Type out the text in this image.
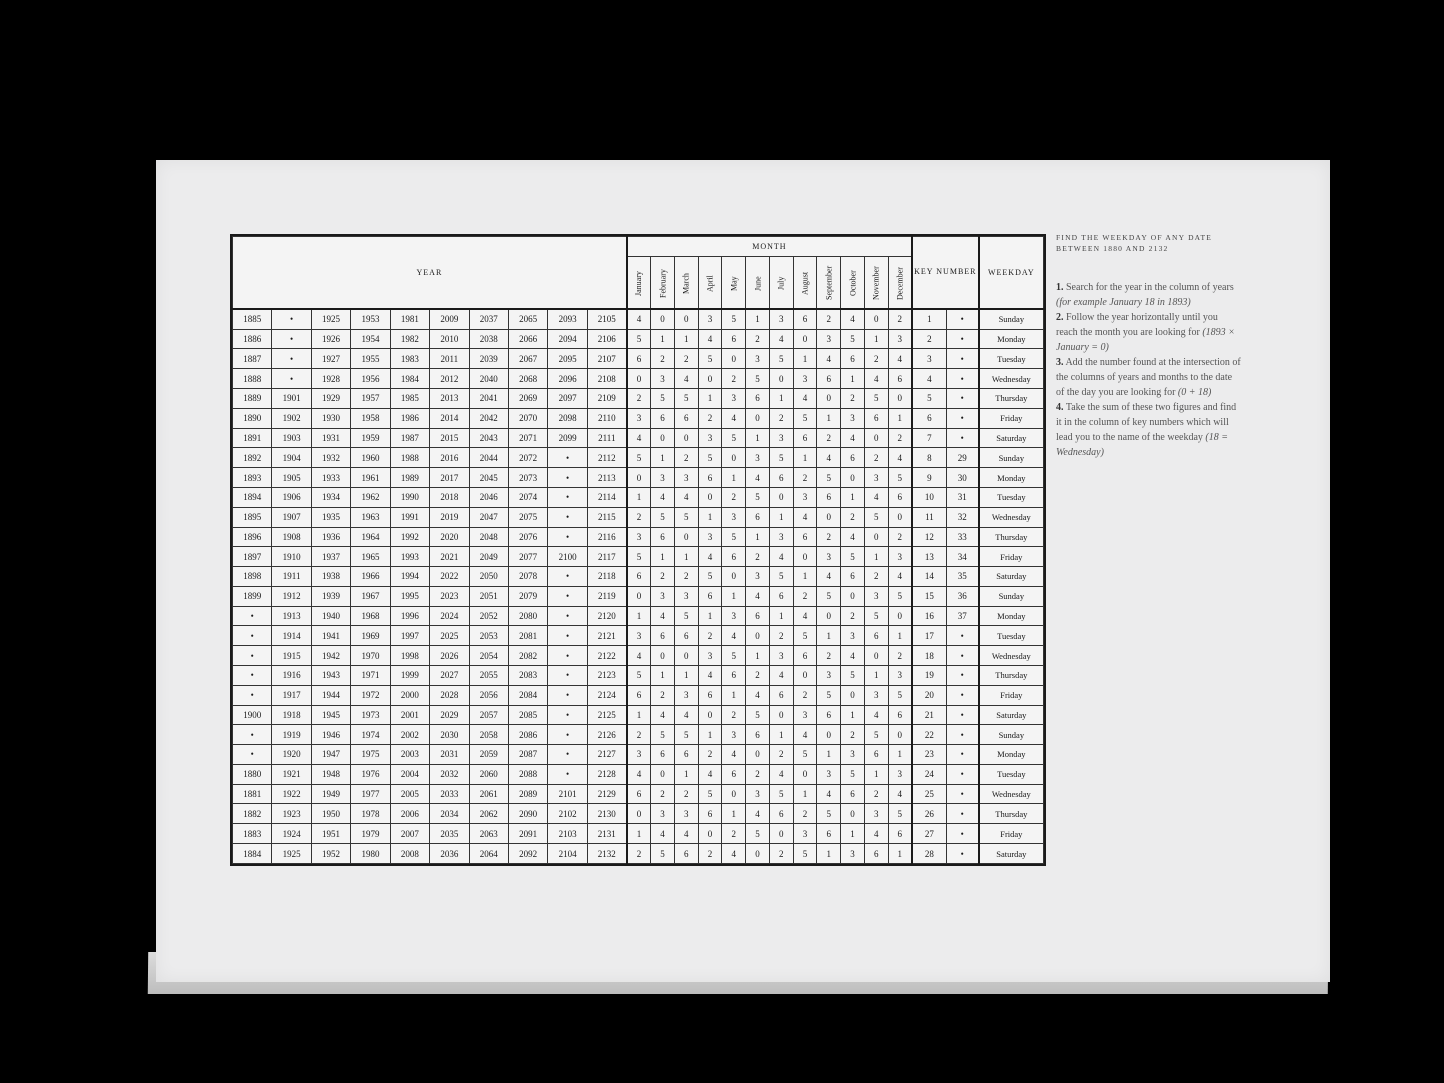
YEAR										MONTH												KEY NUMBER		WEEKDAY
										January	February	March	April	May	June	July	August	September	October	November	December			
1885	•	1925	1953	1981	2009	2037	2065	2093	2105	4	0	0	3	5	1	3	6	2	4	0	2	1	•	Sunday
1886	•	1926	1954	1982	2010	2038	2066	2094	2106	5	1	1	4	6	2	4	0	3	5	1	3	2	•	Monday
1887	•	1927	1955	1983	2011	2039	2067	2095	2107	6	2	2	5	0	3	5	1	4	6	2	4	3	•	Tuesday
1888	•	1928	1956	1984	2012	2040	2068	2096	2108	0	3	4	0	2	5	0	3	6	1	4	6	4	•	Wednesday
1889	1901	1929	1957	1985	2013	2041	2069	2097	2109	2	5	5	1	3	6	1	4	0	2	5	0	5	•	Thursday
1890	1902	1930	1958	1986	2014	2042	2070	2098	2110	3	6	6	2	4	0	2	5	1	3	6	1	6	•	Friday
1891	1903	1931	1959	1987	2015	2043	2071	2099	2111	4	0	0	3	5	1	3	6	2	4	0	2	7	•	Saturday
1892	1904	1932	1960	1988	2016	2044	2072	•	2112	5	1	2	5	0	3	5	1	4	6	2	4	8	29	Sunday
1893	1905	1933	1961	1989	2017	2045	2073	•	2113	0	3	3	6	1	4	6	2	5	0	3	5	9	30	Monday
1894	1906	1934	1962	1990	2018	2046	2074	•	2114	1	4	4	0	2	5	0	3	6	1	4	6	10	31	Tuesday
1895	1907	1935	1963	1991	2019	2047	2075	•	2115	2	5	5	1	3	6	1	4	0	2	5	0	11	32	Wednesday
1896	1908	1936	1964	1992	2020	2048	2076	•	2116	3	6	0	3	5	1	3	6	2	4	0	2	12	33	Thursday
1897	1910	1937	1965	1993	2021	2049	2077	2100	2117	5	1	1	4	6	2	4	0	3	5	1	3	13	34	Friday
1898	1911	1938	1966	1994	2022	2050	2078	•	2118	6	2	2	5	0	3	5	1	4	6	2	4	14	35	Saturday
1899	1912	1939	1967	1995	2023	2051	2079	•	2119	0	3	3	6	1	4	6	2	5	0	3	5	15	36	Sunday
•	1913	1940	1968	1996	2024	2052	2080	•	2120	1	4	5	1	3	6	1	4	0	2	5	0	16	37	Monday
•	1914	1941	1969	1997	2025	2053	2081	•	2121	3	6	6	2	4	0	2	5	1	3	6	1	17	•	Tuesday
•	1915	1942	1970	1998	2026	2054	2082	•	2122	4	0	0	3	5	1	3	6	2	4	0	2	18	•	Wednesday
•	1916	1943	1971	1999	2027	2055	2083	•	2123	5	1	1	4	6	2	4	0	3	5	1	3	19	•	Thursday
•	1917	1944	1972	2000	2028	2056	2084	•	2124	6	2	3	6	1	4	6	2	5	0	3	5	20	•	Friday
1900	1918	1945	1973	2001	2029	2057	2085	•	2125	1	4	4	0	2	5	0	3	6	1	4	6	21	•	Saturday
•	1919	1946	1974	2002	2030	2058	2086	•	2126	2	5	5	1	3	6	1	4	0	2	5	0	22	•	Sunday
•	1920	1947	1975	2003	2031	2059	2087	•	2127	3	6	6	2	4	0	2	5	1	3	6	1	23	•	Monday
1880	1921	1948	1976	2004	2032	2060	2088	•	2128	4	0	1	4	6	2	4	0	3	5	1	3	24	•	Tuesday
1881	1922	1949	1977	2005	2033	2061	2089	2101	2129	6	2	2	5	0	3	5	1	4	6	2	4	25	•	Wednesday
1882	1923	1950	1978	2006	2034	2062	2090	2102	2130	0	3	3	6	1	4	6	2	5	0	3	5	26	•	Thursday
1883	1924	1951	1979	2007	2035	2063	2091	2103	2131	1	4	4	0	2	5	0	3	6	1	4	6	27	•	Friday
1884	1925	1952	1980	2008	2036	2064	2092	2104	2132	2	5	6	2	4	0	2	5	1	3	6	1	28	•	Saturday
FIND THE WEEKDAY OF ANY DATE
BETWEEN 1880 AND 2132

1. Search for the year in the column of years (for example January 18 in 1893)

2. Follow the year horizontally until you reach the month you are looking for (1893 × January = 0)

3. Add the number found at the intersection of the columns of years and months to the date of the day you are looking for (0 + 18)

4. Take the sum of these two figures and find it in the column of key numbers which will lead you to the name of the weekday (18 = Wednesday)
